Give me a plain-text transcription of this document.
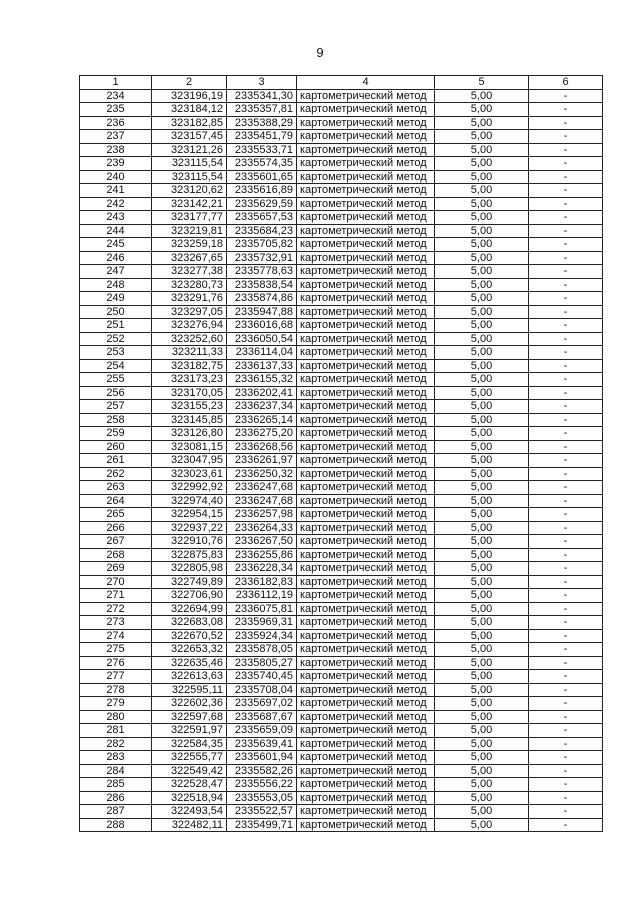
9
1	2	3	4	5	6
234	323196,19	2335341,30	картометрический метод	5,00	-
235	323184,12	2335357,81	картометрический метод	5,00	-
236	323182,85	2335388,29	картометрический метод	5,00	-
237	323157,45	2335451,79	картометрический метод	5,00	-
238	323121,26	2335533,71	картометрический метод	5,00	-
239	323115,54	2335574,35	картометрический метод	5,00	-
240	323115,54	2335601,65	картометрический метод	5,00	-
241	323120,62	2335616,89	картометрический метод	5,00	-
242	323142,21	2335629,59	картометрический метод	5,00	-
243	323177,77	2335657,53	картометрический метод	5,00	-
244	323219,81	2335684,23	картометрический метод	5,00	-
245	323259,18	2335705,82	картометрический метод	5,00	-
246	323267,65	2335732,91	картометрический метод	5,00	-
247	323277,38	2335778,63	картометрический метод	5,00	-
248	323280,73	2335838,54	картометрический метод	5,00	-
249	323291,76	2335874,86	картометрический метод	5,00	-
250	323297,05	2335947,88	картометрический метод	5,00	-
251	323276,94	2336016,68	картометрический метод	5,00	-
252	323252,60	2336050,54	картометрический метод	5,00	-
253	323211,33	2336114,04	картометрический метод	5,00	-
254	323182,75	2336137,33	картометрический метод	5,00	-
255	323173,23	2336155,32	картометрический метод	5,00	-
256	323170,05	2336202,41	картометрический метод	5,00	-
257	323155,23	2336237,34	картометрический метод	5,00	-
258	323145,85	2336265,14	картометрический метод	5,00	-
259	323126,80	2336275,20	картометрический метод	5,00	-
260	323081,15	2336268,56	картометрический метод	5,00	-
261	323047,95	2336261,97	картометрический метод	5,00	-
262	323023,61	2336250,32	картометрический метод	5,00	-
263	322992,92	2336247,68	картометрический метод	5,00	-
264	322974,40	2336247,68	картометрический метод	5,00	-
265	322954,15	2336257,98	картометрический метод	5,00	-
266	322937,22	2336264,33	картометрический метод	5,00	-
267	322910,76	2336267,50	картометрический метод	5,00	-
268	322875,83	2336255,86	картометрический метод	5,00	-
269	322805,98	2336228,34	картометрический метод	5,00	-
270	322749,89	2336182,83	картометрический метод	5,00	-
271	322706,90	2336112,19	картометрический метод	5,00	-
272	322694,99	2336075,81	картометрический метод	5,00	-
273	322683,08	2335969,31	картометрический метод	5,00	-
274	322670,52	2335924,34	картометрический метод	5,00	-
275	322653,32	2335878,05	картометрический метод	5,00	-
276	322635,46	2335805,27	картометрический метод	5,00	-
277	322613,63	2335740,45	картометрический метод	5,00	-
278	322595,11	2335708,04	картометрический метод	5,00	-
279	322602,36	2335697,02	картометрический метод	5,00	-
280	322597,68	2335687,67	картометрический метод	5,00	-
281	322591,97	2335659,09	картометрический метод	5,00	-
282	322584,35	2335639,41	картометрический метод	5,00	-
283	322555,77	2335601,94	картометрический метод	5,00	-
284	322549,42	2335582,26	картометрический метод	5,00	-
285	322528,47	2335556,22	картометрический метод	5,00	-
286	322518,94	2335553,05	картометрический метод	5,00	-
287	322493,54	2335522,57	картометрический метод	5,00	-
288	322482,11	2335499,71	картометрический метод	5,00	-
